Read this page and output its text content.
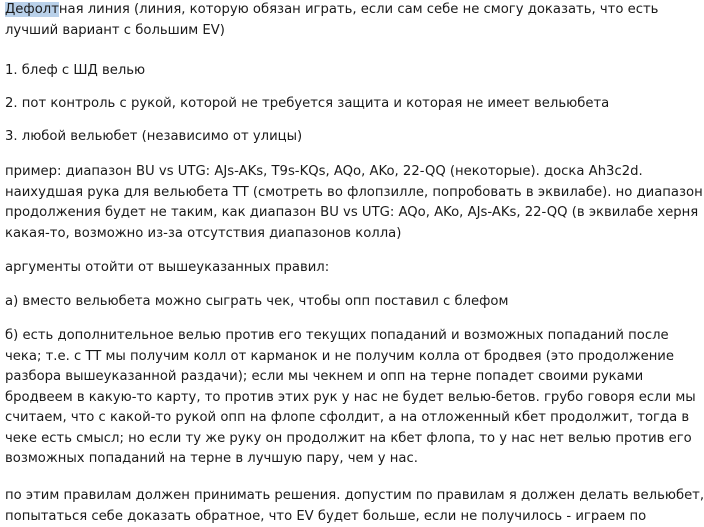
Дефолтная линия (линия, которую обязан играть, если сам себе не смогу доказать, что есть
лучший вариант с большим EV)
1. блеф с ШД велью
2. пот контроль с рукой, которой не требуется защита и которая не имеет вельюбета
3. любой вельюбет (независимо от улицы)
пример: диапазон BU vs UTG: AJs-AKs, T9s-KQs, AQo, AKo, 22-QQ (некоторые). доска Ah3c2d.
наихудшая рука для вельюбета TT (смотреть во флопзилле, попробовать в эквилабе). но диапазон
продолжения будет не таким, как диапазон BU vs UTG: AQo, AKo, AJs-AKs, 22-QQ (в эквилабе херня
какая-то, возможно из-за отсутствия диапазонов колла)
аргументы отойти от вышеуказанных правил:
а) вместо вельюбета можно сыграть чек, чтобы опп поставил с блефом
б) есть дополнительное велью против его текущих попаданий и возможных попаданий после
чека; т.е. с TT мы получим колл от карманок и не получим колла от бродвея (это продолжение
разбора вышеуказанной раздачи); если мы чекнем и опп на терне попадет своими руками
бродвеем в какую-то карту, то против этих рук у нас не будет велью-бетов. грубо говоря если мы
считаем, что с какой-то рукой опп на флопе сфолдит, а на отложенный кбет продолжит, тогда в
чеке есть смысл; но если ту же руку он продолжит на кбет флопа, то у нас нет велью против его
возможных попаданий на терне в лучшую пару, чем у нас.
по этим правилам должен принимать решения. допустим по правилам я должен делать вельюбет,
попытаться себе доказать обратное, что EV будет больше, если не получилось - играем по
